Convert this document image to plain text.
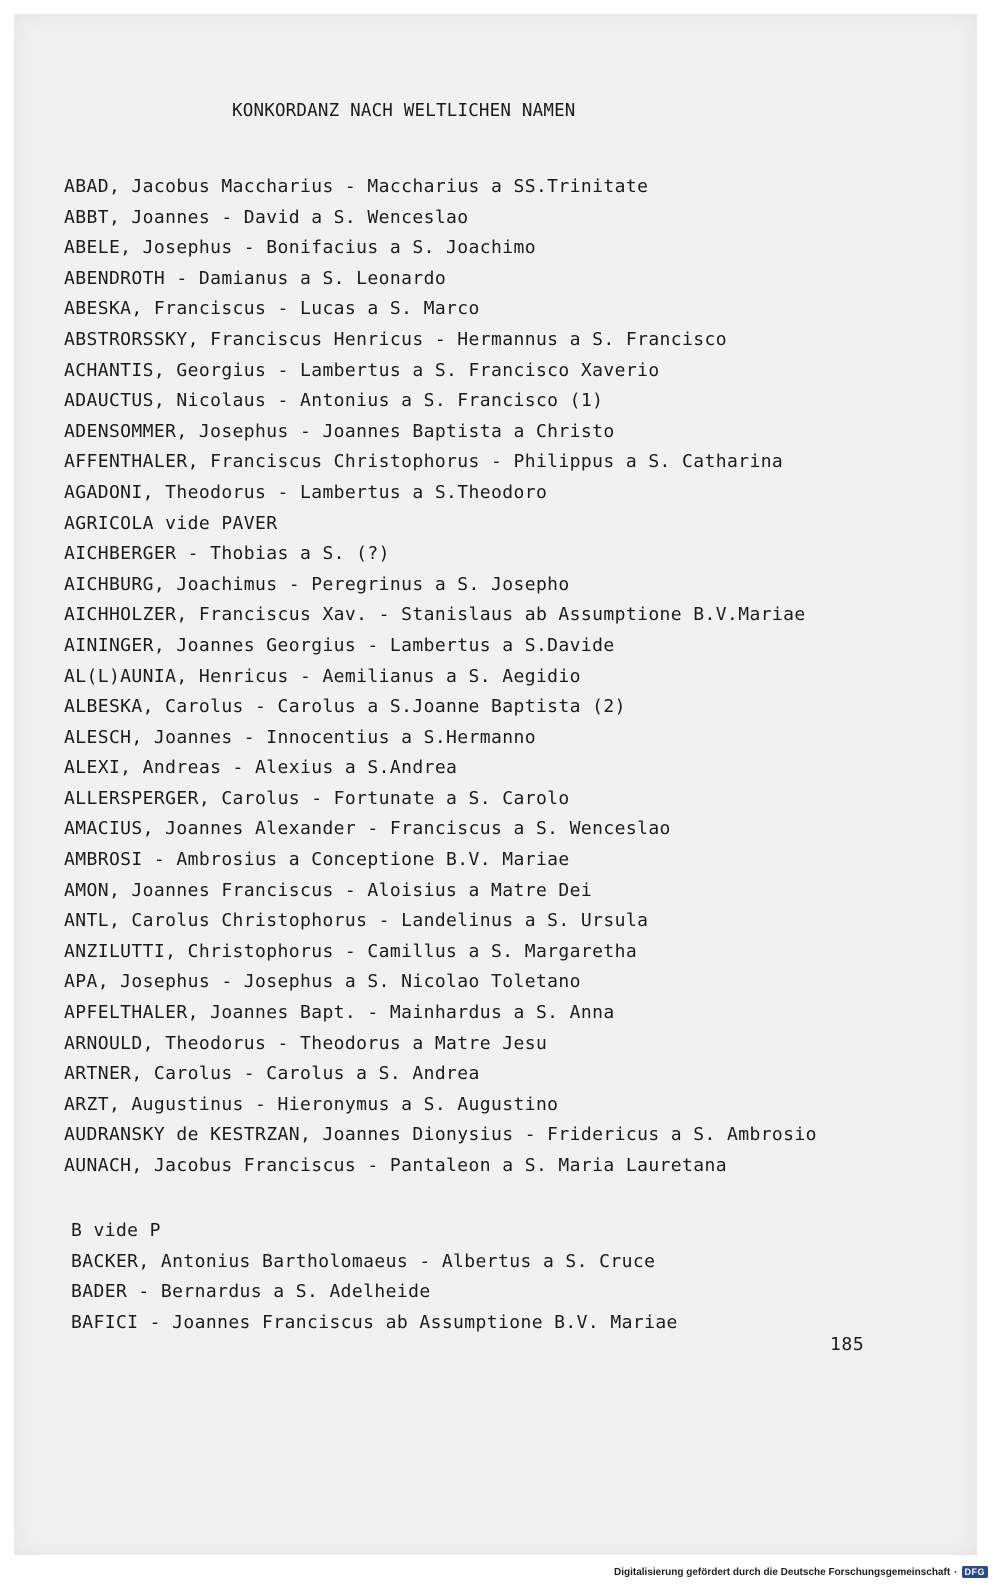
KONKORDANZ NACH WELTLICHEN NAMEN
ABAD, Jacobus Maccharius - Maccharius a SS.Trinitate
ABBT, Joannes - David a S. Wenceslao
ABELE, Josephus - Bonifacius a S. Joachimo
ABENDROTH - Damianus a S. Leonardo
ABESKA, Franciscus - Lucas a S. Marco
ABSTRORSSKY, Franciscus Henricus - Hermannus a S. Francisco
ACHANTIS, Georgius - Lambertus a S. Francisco Xaverio
ADAUCTUS, Nicolaus - Antonius a S. Francisco (1)
ADENSOMMER, Josephus - Joannes Baptista a Christo
AFFENTHALER, Franciscus Christophorus - Philippus a S. Catharina
AGADONI, Theodorus - Lambertus a S.Theodoro
AGRICOLA vide PAVER
AICHBERGER - Thobias a S. (?)
AICHBURG, Joachimus - Peregrinus a S. Josepho
AICHHOLZER, Franciscus Xav. - Stanislaus ab Assumptione B.V.Mariae
AININGER, Joannes Georgius - Lambertus a S.Davide
AL(L)AUNIA, Henricus - Aemilianus a S. Aegidio
ALBESKA, Carolus - Carolus a S.Joanne Baptista (2)
ALESCH, Joannes - Innocentius a S.Hermanno
ALEXI, Andreas - Alexius a S.Andrea
ALLERSPERGER, Carolus - Fortunate a S. Carolo
AMACIUS, Joannes Alexander - Franciscus a S. Wenceslao
AMBROSI - Ambrosius a Conceptione B.V. Mariae
AMON, Joannes Franciscus - Aloisius a Matre Dei
ANTL, Carolus Christophorus - Landelinus a S. Ursula
ANZILUTTI, Christophorus - Camillus a S. Margaretha
APA, Josephus - Josephus a S. Nicolao Toletano
APFELTHALER, Joannes Bapt. - Mainhardus a S. Anna
ARNOULD, Theodorus - Theodorus a Matre Jesu
ARTNER, Carolus - Carolus a S. Andrea
ARZT, Augustinus - Hieronymus a S. Augustino
AUDRANSKY de KESTRZAN, Joannes Dionysius - Fridericus a S. Ambrosio
AUNACH, Jacobus Franciscus - Pantaleon a S. Maria Lauretana
B vide P
BACKER, Antonius Bartholomaeus - Albertus a S. Cruce
BADER - Bernardus a S. Adelheide
BAFICI - Joannes Franciscus ab Assumptione B.V. Mariae
185
Digitalisierung gefördert durch die Deutsche Forschungsgemeinschaft · DFG
